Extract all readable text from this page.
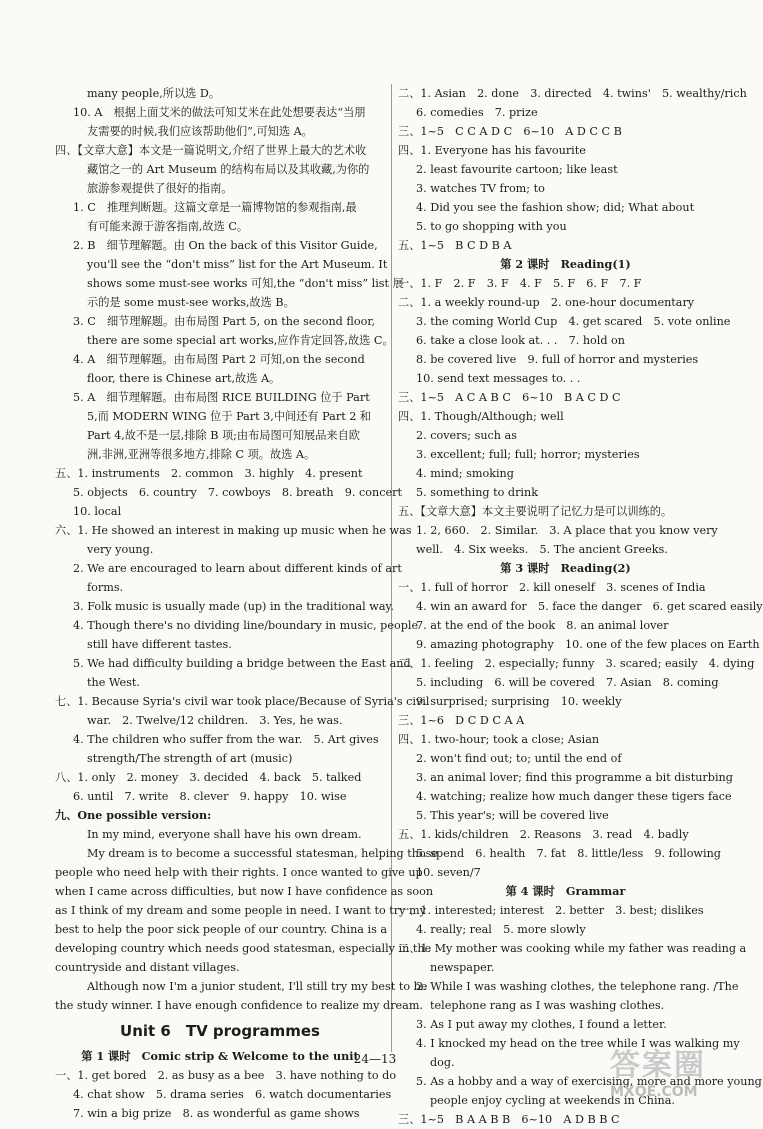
many people,所以选 D。
10. A　根据上面艾米的做法可知艾米在此处想要表达“当朋
友需要的时候,我们应该帮助他们”,可知选 A。
四、【文章大意】本文是一篇说明文,介绍了世界上最大的艺术收
藏馆之一的 Art Museum 的结构布局以及其收藏,为你的
旅游参观提供了很好的指南。
1. C　推理判断题。这篇文章是一篇博物馆的参观指南,最
有可能来源于游客指南,故选 C。
2. B　细节理解题。由 On the back of this Visitor Guide,
you'll see the “don't miss” list for the Art Museum. It
shows some must-see works 可知,the “don't miss” list 展
示的是 some must-see works,故选 B。
3. C　细节理解题。由布局图 Part 5, on the second floor,
there are some special art works,应作肯定回答,故选 C。
4. A　细节理解题。由布局图 Part 2 可知,on the second
floor, there is Chinese art,故选 A。
5. A　细节理解题。由布局图 RICE BUILDING 位于 Part
5,而 MODERN WING 位于 Part 3,中间还有 Part 2 和
Part 4,故不是一层,排除 B 项;由布局图可知展品来自欧
洲,非洲,亚洲等很多地方,排除 C 项。故选 A。
五、1. instruments　2. common　3. highly　4. present
5. objects　6. country　7. cowboys　8. breath　9. concert
10. local
六、1. He showed an interest in making up music when he was
very young.
2. We are encouraged to learn about different kinds of art
forms.
3. Folk music is usually made (up) in the traditional way.
4. Though there's no dividing line/boundary in music, people
still have different tastes.
5. We had difficulty building a bridge between the East and
the West.
七、1. Because Syria's civil war took place/Because of Syria's civil
war.　2. Twelve/12 children.　3. Yes, he was.
4. The children who suffer from the war.　5. Art gives
strength/The strength of art (music)
八、1. only　2. money　3. decided　4. back　5. talked
6. until　7. write　8. clever　9. happy　10. wise
九、One possible version:
In my mind, everyone shall have his own dream.
My dream is to become a successful statesman, helping those
people who need help with their rights. I once wanted to give up
when I came across difficulties, but now I have confidence as soon
as I think of my dream and some people in need. I want to try my
best to help the poor sick people of our country. China is a
developing country which needs good statesman, especially in the
countryside and distant villages.
Although now I'm a junior student, I'll still try my best to be
the study winner. I have enough confidence to realize my dream.
Unit 6　TV programmes
第 1 课时　Comic strip & Welcome to the unit
一、1. get bored　2. as busy as a bee　3. have nothing to do
4. chat show　5. drama series　6. watch documentaries
7. win a big prize　8. as wonderful as game shows
二、1. Asian　2. done　3. directed　4. twins'　5. wealthy/rich
6. comedies　7. prize
三、1~5　C C A D C　6~10　A D C C B
四、1. Everyone has his favourite
2. least favourite cartoon; like least
3. watches TV from; to
4. Did you see the fashion show; did; What about
5. to go shopping with you
五、1~5　B C D B A
第 2 课时　Reading(1)
一、1. F　2. F　3. F　4. F　5. F　6. F　7. F
二、1. a weekly round-up　2. one-hour documentary
3. the coming World Cup　4. get scared　5. vote online
6. take a close look at. . .　7. hold on
8. be covered live　9. full of horror and mysteries
10. send text messages to. . .
三、1~5　A C A B C　6~10　B A C D C
四、1. Though/Although; well
2. covers; such as
3. excellent; full; full; horror; mysteries
4. mind; smoking
5. something to drink
五、【文章大意】本文主要说明了记忆力是可以训练的。
1. 2, 660.　2. Similar.　3. A place that you know very
well.　4. Six weeks.　5. The ancient Greeks.
第 3 课时　Reading(2)
一、1. full of horror　2. kill oneself　3. scenes of India
4. win an award for　5. face the danger　6. get scared easily
7. at the end of the book　8. an animal lover
9. amazing photography　10. one of the few places on Earth
二、1. feeling　2. especially; funny　3. scared; easily　4. dying
5. including　6. will be covered　7. Asian　8. coming
9. surprised; surprising　10. weekly
三、1~6　D C D C A A
四、1. two-hour; took a close; Asian
2. won't find out; to; until the end of
3. an animal lover; find this programme a bit disturbing
4. watching; realize how much danger these tigers face
5. This year's; will be covered live
五、1. kids/children　2. Reasons　3. read　4. badly
5. spend　6. health　7. fat　8. little/less　9. following
10. seven/7
第 4 课时　Grammar
一、1. interested; interest　2. better　3. best; dislikes
4. really; real　5. more slowly
二、1. My mother was cooking while my father was reading a
newspaper.
2. While I was washing clothes, the telephone rang. /The
telephone rang as I was washing clothes.
3. As I put away my clothes, I found a letter.
4. I knocked my head on the tree while I was walking my
dog.
5. As a hobby and a way of exercising, more and more young
people enjoy cycling at weekends in China.
三、1~5　B A A B B　6~10　A D B B C
24—13	答案圈
MXQE.COM
